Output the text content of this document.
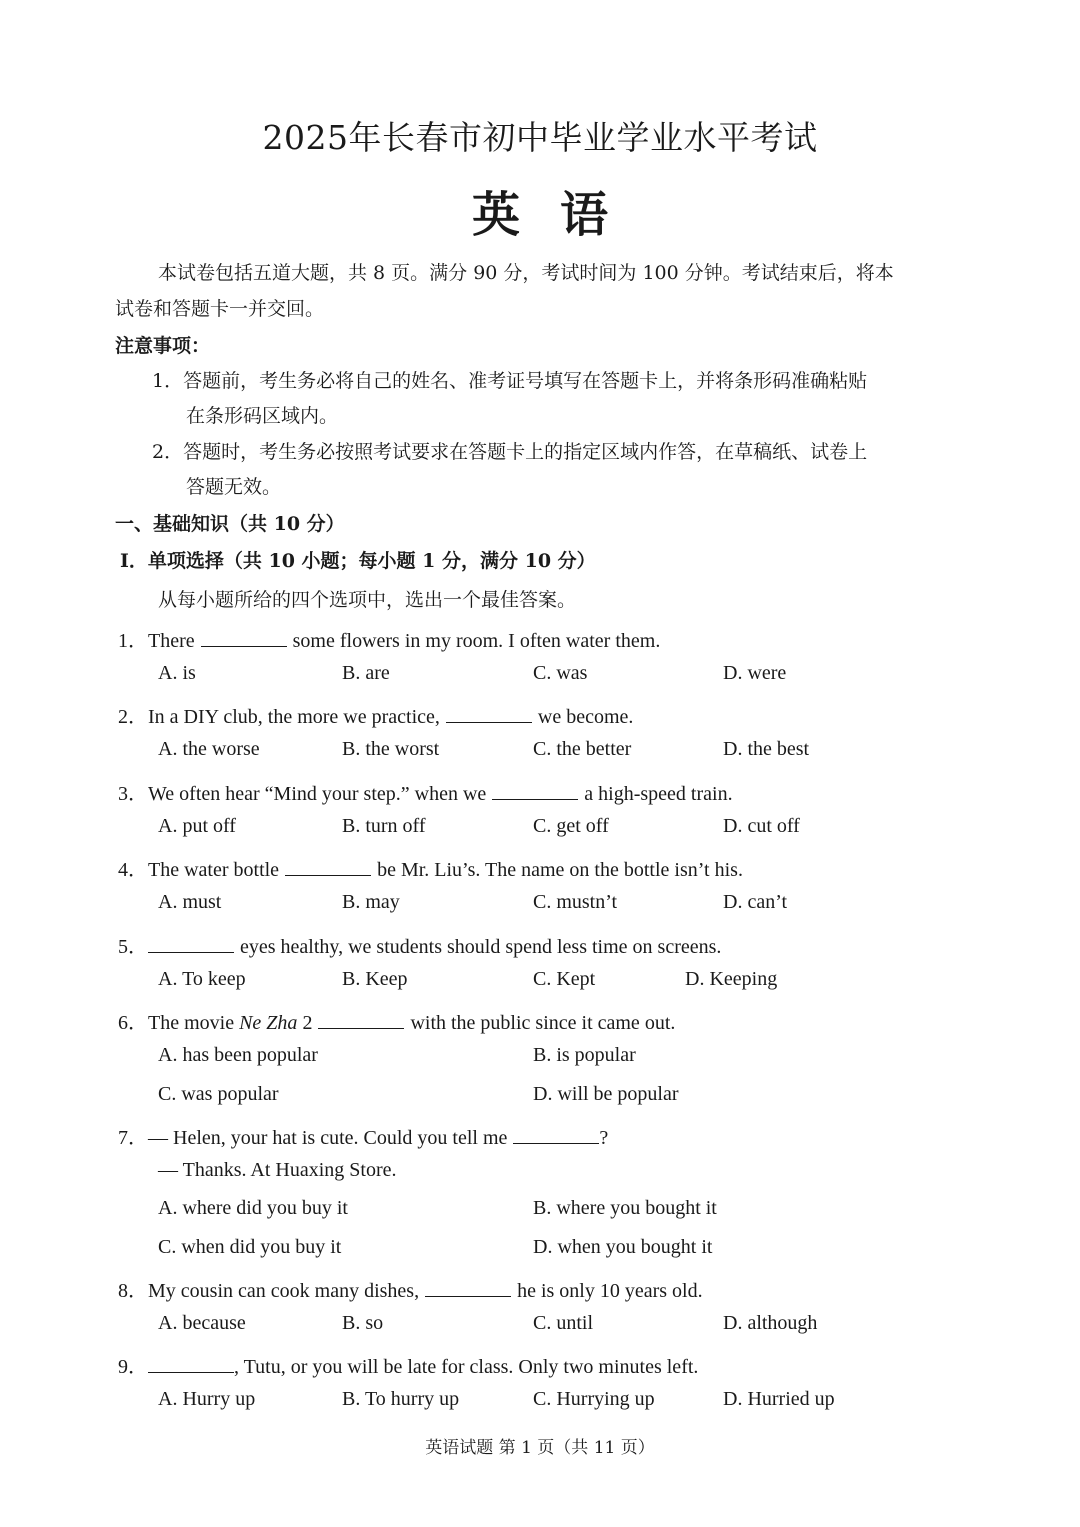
2025年长春市初中毕业学业水平考试
英语
本试卷包括五道大题，共 8 页。满分 90 分，考试时间为 100 分钟。考试结束后，将本
试卷和答题卡一并交回。
注意事项：
1．答题前，考生务必将自己的姓名、准考证号填写在答题卡上，并将条形码准确粘贴
在条形码区域内。
2．答题时，考生务必按照考试要求在答题卡上的指定区域内作答，在草稿纸、试卷上
答题无效。
一、基础知识（共 10 分）
Ⅰ．单项选择（共 10 小题；每小题 1 分，满分 10 分）
从每小题所给的四个选项中，选出一个最佳答案。
1．There	some flowers in my room. I often water them.
A. is	B. are	C. was	D. were
2．In a DIY club, the more we practice,	we become.
A. the worse	B. the worst	C. the better	D. the best
3．We often hear “Mind your step.” when we	a high-speed train.
A. put off	B. turn off	C. get off	D. cut off
4．The water bottle	be Mr. Liu’s. The name on the bottle isn’t his.
A. must	B. may	C. mustn’t	D. can’t
5．	eyes healthy, we students should spend less time on screens.
A. To keep	B. Keep	C. Kept	D. Keeping
6．The movie Ne Zha 2	with the public since it came out.
A. has been popular	B. is popular
C. was popular	D. will be popular
7．— Helen, your hat is cute. Could you tell me	?
— Thanks. At Huaxing Store.
A. where did you buy it	B. where you bought it
C. when did you buy it	D. when you bought it
8．My cousin can cook many dishes,	he is only 10 years old.
A. because	B. so	C. until	D. although
9．	, Tutu, or you will be late for class. Only two minutes left.
A. Hurry up	B. To hurry up	C. Hurrying up	D. Hurried up
英语试题 第 1 页（共 11 页）
